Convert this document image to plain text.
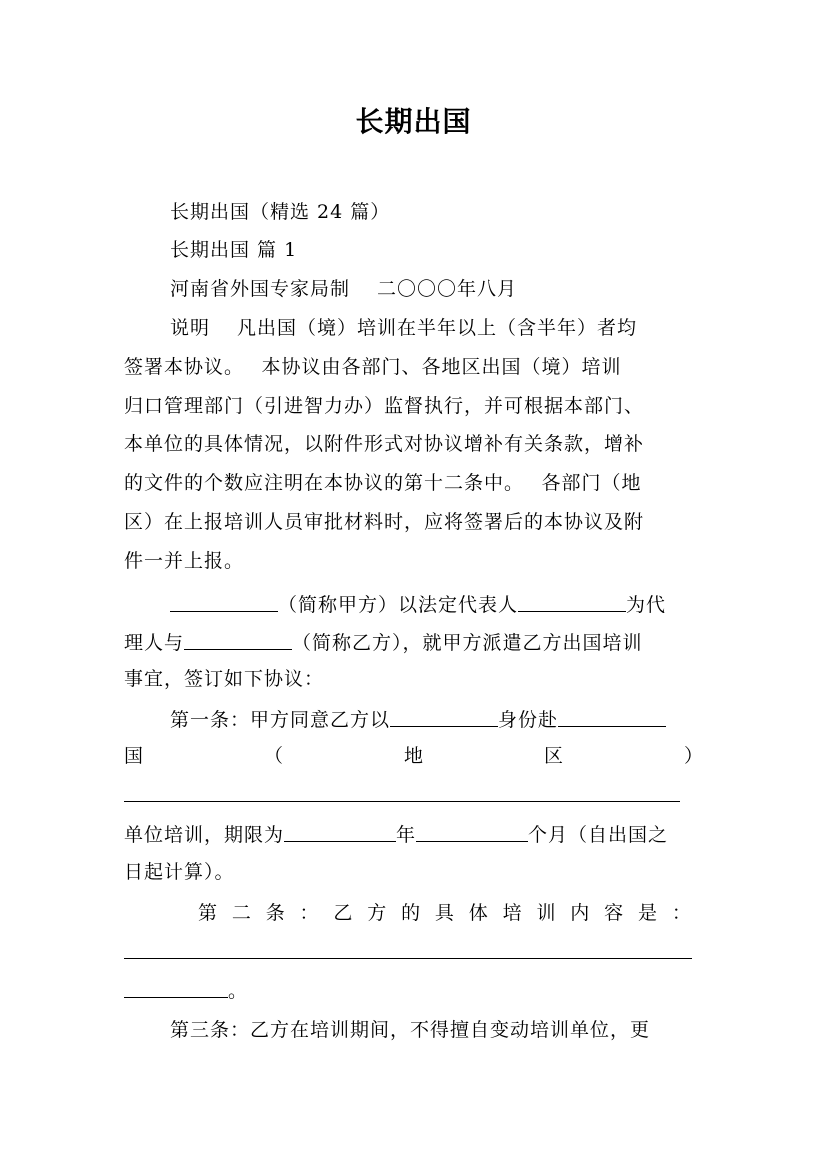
长期出国
长期出国（精选 24 篇）
长期出国 篇 1
河南省外国专家局制　 二〇〇〇年八月
说明　 凡出国（境）培训在半年以上（含半年）者均
签署本协议。　 本协议由各部门、各地区出国（境）培训
归口管理部门（引进智力办）监督执行，并可根据本部门、
本单位的具体情况，以附件形式对协议增补有关条款，增补
的文件的个数应注明在本协议的第十二条中。　 各部门（地
区）在上报培训人员审批材料时，应将签署后的本协议及附
件一并上报。
（简称甲方）以法定代表人	为代
理人与	（简称乙方），就甲方派遣乙方出国培训
事宜，签订如下协议：
第一条：甲方同意乙方以	身份赴
国	（	地	区	）
单位培训，期限为	年	个月（自出国之
日起计算）。
第 二 条 ： 乙 方 的 具 体 培 训 内 容 是 ：
。
第三条：乙方在培训期间，不得擅自变动培训单位，更
